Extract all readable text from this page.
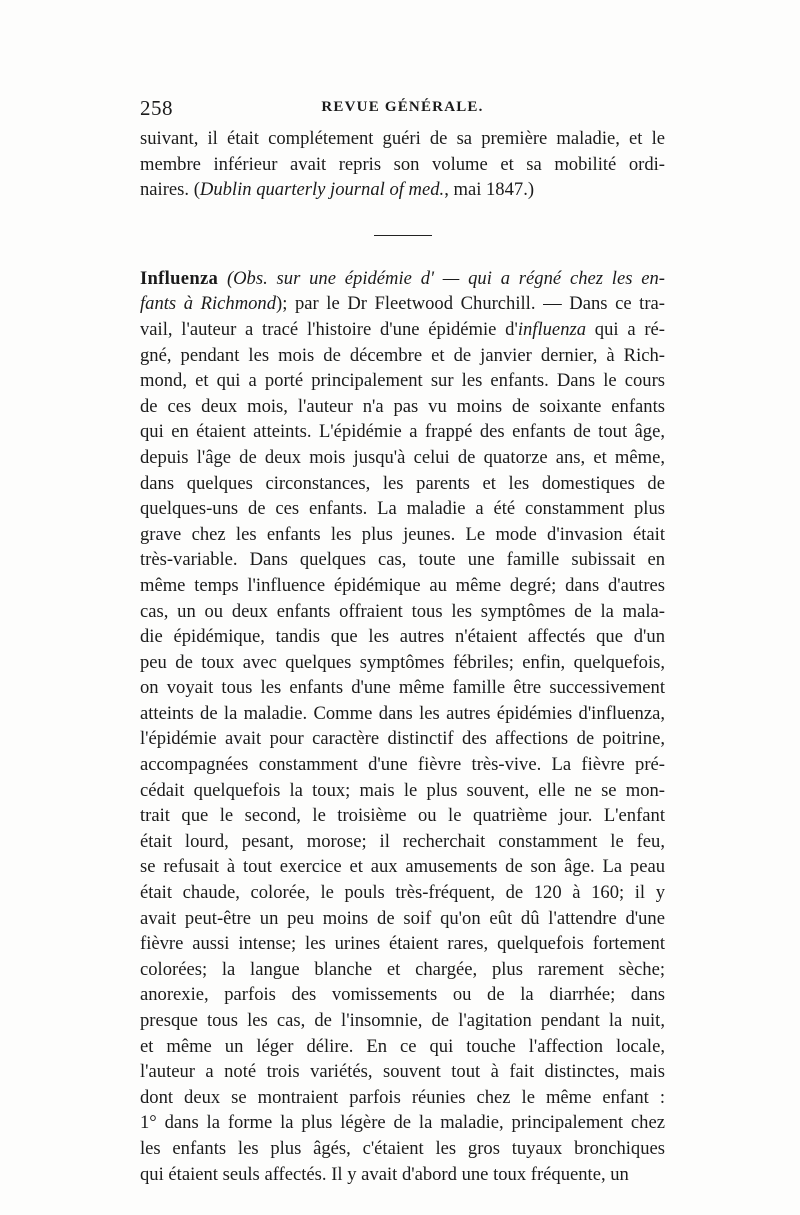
258	REVUE GÉNÉRALE.
suivant, il était complétement guéri de sa première maladie, et le
membre inférieur avait repris son volume et sa mobilité ordi-
naires. (Dublin quarterly journal of med., mai 1847.)
Influenza (Obs. sur une épidémie d' — qui a régné chez les en-
fants à Richmond); par le Dr Fleetwood Churchill. — Dans ce tra-
vail, l'auteur a tracé l'histoire d'une épidémie d'influenza qui a ré-
gné, pendant les mois de décembre et de janvier dernier, à Rich-
mond, et qui a porté principalement sur les enfants. Dans le cours
de ces deux mois, l'auteur n'a pas vu moins de soixante enfants
qui en étaient atteints. L'épidémie a frappé des enfants de tout âge,
depuis l'âge de deux mois jusqu'à celui de quatorze ans, et même,
dans quelques circonstances, les parents et les domestiques de
quelques-uns de ces enfants. La maladie a été constamment plus
grave chez les enfants les plus jeunes. Le mode d'invasion était
très-variable. Dans quelques cas, toute une famille subissait en
même temps l'influence épidémique au même degré; dans d'autres
cas, un ou deux enfants offraient tous les symptômes de la mala-
die épidémique, tandis que les autres n'étaient affectés que d'un
peu de toux avec quelques symptômes fébriles; enfin, quelquefois,
on voyait tous les enfants d'une même famille être successivement
atteints de la maladie. Comme dans les autres épidémies d'influenza,
l'épidémie avait pour caractère distinctif des affections de poitrine,
accompagnées constamment d'une fièvre très-vive. La fièvre pré-
cédait quelquefois la toux; mais le plus souvent, elle ne se mon-
trait que le second, le troisième ou le quatrième jour. L'enfant
était lourd, pesant, morose; il recherchait constamment le feu,
se refusait à tout exercice et aux amusements de son âge. La peau
était chaude, colorée, le pouls très-fréquent, de 120 à 160; il y
avait peut-être un peu moins de soif qu'on eût dû l'attendre d'une
fièvre aussi intense; les urines étaient rares, quelquefois fortement
colorées; la langue blanche et chargée, plus rarement sèche;
anorexie, parfois des vomissements ou de la diarrhée; dans
presque tous les cas, de l'insomnie, de l'agitation pendant la nuit,
et même un léger délire. En ce qui touche l'affection locale,
l'auteur a noté trois variétés, souvent tout à fait distinctes, mais
dont deux se montraient parfois réunies chez le même enfant :
1° dans la forme la plus légère de la maladie, principalement chez
les enfants les plus âgés, c'étaient les gros tuyaux bronchiques
qui étaient seuls affectés. Il y avait d'abord une toux fréquente, un
